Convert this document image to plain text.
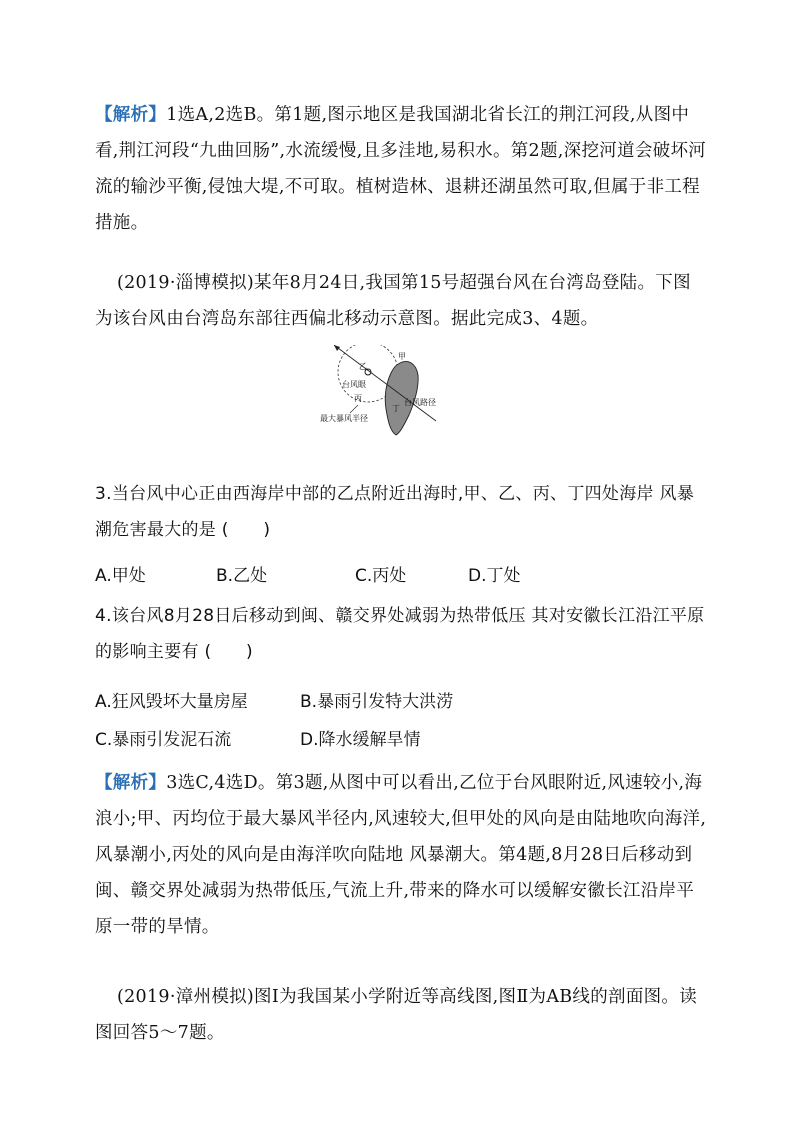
【解析】1选A,2选B。第1题,图示地区是我国湖北省长江的荆江河段,从图中看,荆江河段“九曲回肠”,水流缓慢,且多洼地,易积水。第2题,深挖河道会破坏河流的输沙平衡,侵蚀大堤,不可取。植树造林、退耕还湖虽然可取,但属于非工程措施。
(2019·淄博模拟)某年8月24日,我国第15号超强台风在台湾岛登陆。下图为该台风由台湾岛东部往西偏北移动示意图。据此完成3、4题。
甲
乙
台风眼
丙
丁
台风路径
最大暴风半径
3.当台风中心正由西海岸中部的乙点附近出海时,甲、乙、丙、丁四处海岸 风暴潮危害最大的是 (　　)
A.甲处	B.乙处	C.丙处	D.丁处
4.该台风8月28日后移动到闽、赣交界处减弱为热带低压 其对安徽长江沿江平原的影响主要有 (　　)
A.狂风毁坏大量房屋	B.暴雨引发特大洪涝
C.暴雨引发泥石流	D.降水缓解旱情
【解析】3选C,4选D。第3题,从图中可以看出,乙位于台风眼附近,风速较小,海浪小;甲、丙均位于最大暴风半径内,风速较大,但甲处的风向是由陆地吹向海洋,风暴潮小,丙处的风向是由海洋吹向陆地 风暴潮大。第4题,8月28日后移动到闽、赣交界处减弱为热带低压,气流上升,带来的降水可以缓解安徽长江沿岸平原一带的旱情。
(2019·漳州模拟)图Ⅰ为我国某小学附近等高线图,图Ⅱ为AB线的剖面图。读图回答5～7题。
